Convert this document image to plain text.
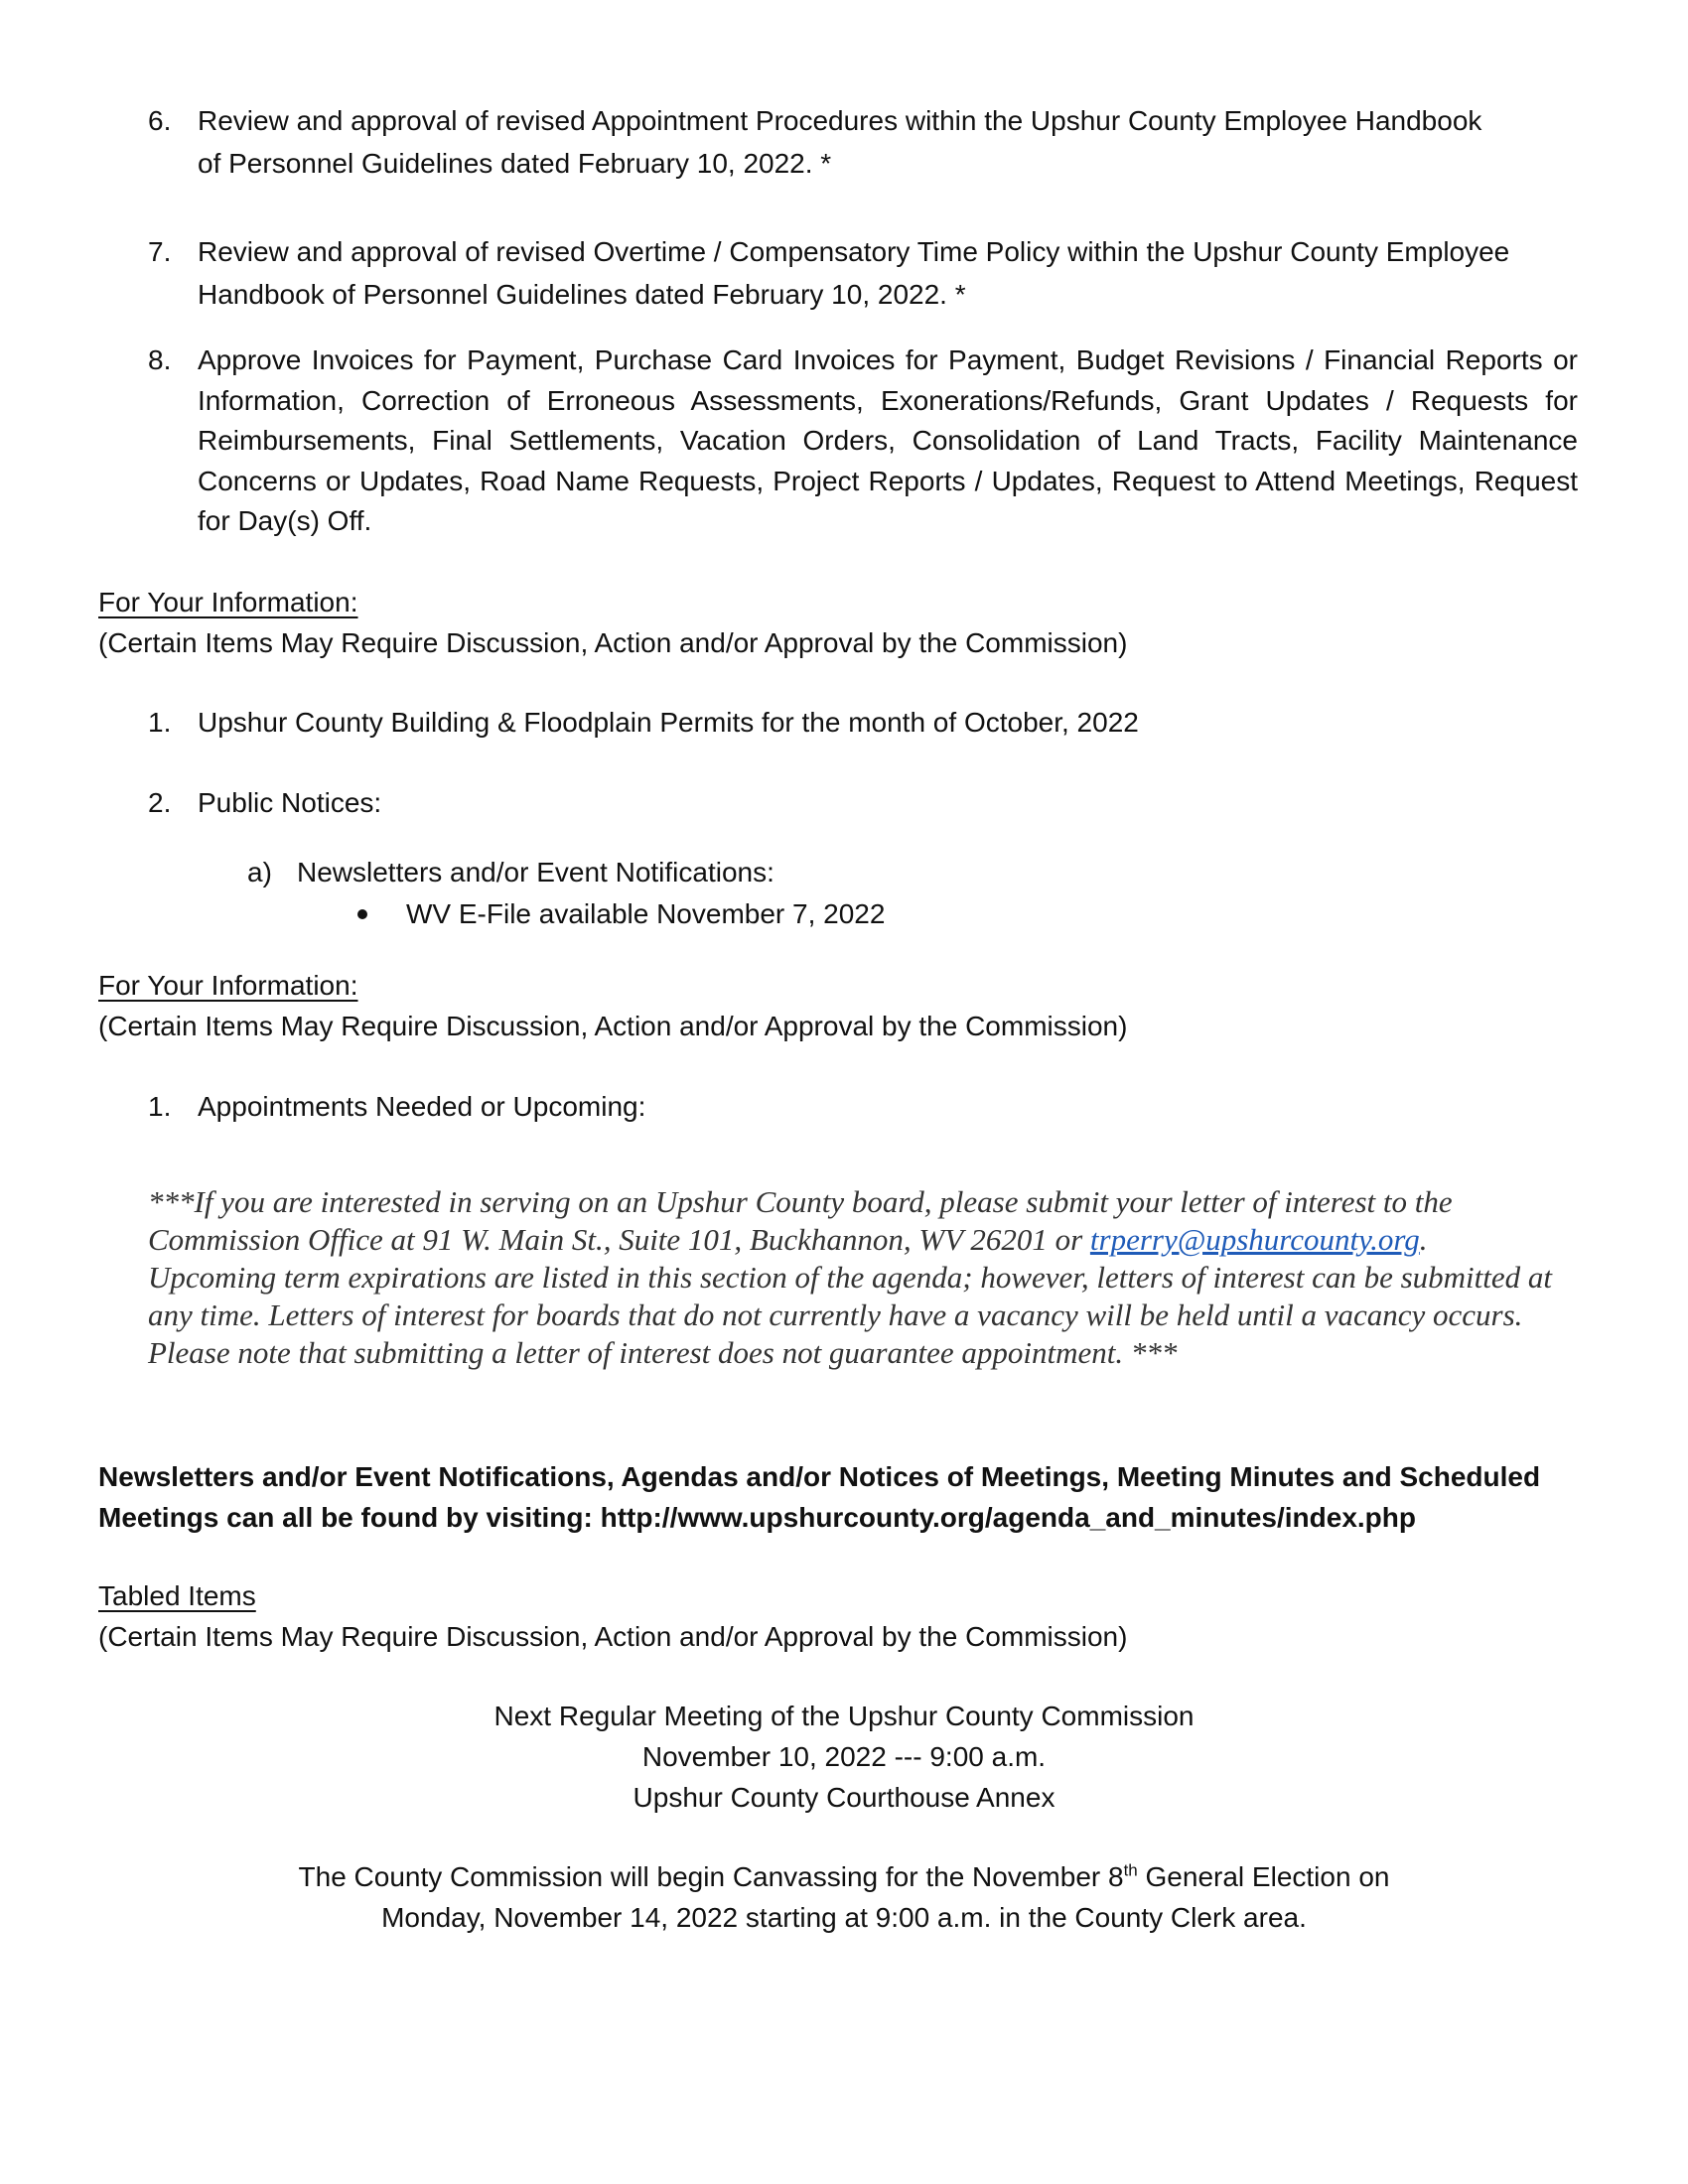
6. Review and approval of revised Appointment Procedures within the Upshur County Employee Handbook

of Personnel Guidelines dated February 10, 2022. *

7. Review and approval of revised Overtime / Compensatory Time Policy within the Upshur County Employee

Handbook of Personnel Guidelines dated February 10, 2022. *

8. Approve Invoices for Payment, Purchase Card Invoices for Payment, Budget Revisions / Financial Reports or Information, Correction of Erroneous Assessments, Exonerations/Refunds, Grant Updates / Requests for Reimbursements, Final Settlements, Vacation Orders, Consolidation of Land Tracts, Facility Maintenance Concerns or Updates, Road Name Requests, Project Reports / Updates, Request to Attend Meetings, Request for Day(s) Off.

For Your Information:

(Certain Items May Require Discussion, Action and/or Approval by the Commission)

1. Upshur County Building & Floodplain Permits for the month of October, 2022

2. Public Notices:

a) Newsletters and/or Event Notifications:

WV E-File available November 7, 2022

For Your Information:

(Certain Items May Require Discussion, Action and/or Approval by the Commission)

1. Appointments Needed or Upcoming:

***If you are interested in serving on an Upshur County board, please submit your letter of interest to the Commission Office at 91 W. Main St., Suite 101, Buckhannon, WV 26201 or trperry@upshurcounty.org. Upcoming term expirations are listed in this section of the agenda; however, letters of interest can be submitted at any time. Letters of interest for boards that do not currently have a vacancy will be held until a vacancy occurs. Please note that submitting a letter of interest does not guarantee appointment. ***

Newsletters and/or Event Notifications, Agendas and/or Notices of Meetings, Meeting Minutes and Scheduled

Meetings can all be found by visiting: http://www.upshurcounty.org/agenda_and_minutes/index.php

Tabled Items

(Certain Items May Require Discussion, Action and/or Approval by the Commission)

Next Regular Meeting of the Upshur County Commission

November 10, 2022 --- 9:00 a.m.

Upshur County Courthouse Annex

The County Commission will begin Canvassing for the November 8th General Election on

Monday, November 14, 2022 starting at 9:00 a.m. in the County Clerk area.
